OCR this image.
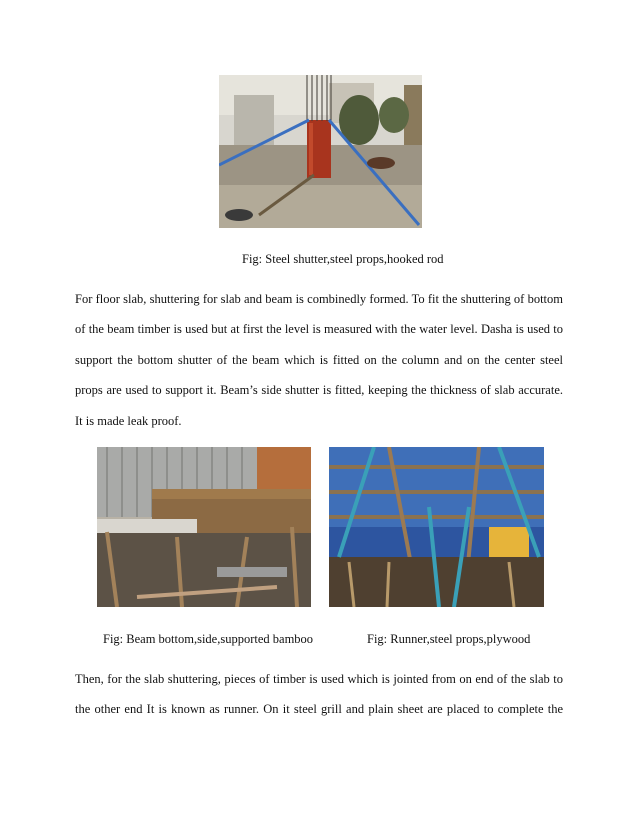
Fig: Steel shutter,steel props,hooked rod
For floor slab, shuttering for slab and beam is combinedly formed. To fit the shuttering of bottom
of the beam timber is used but at first the level is measured with the water level. Dasha is used to
support the bottom shutter of the beam which is fitted on the column and on the center steel
props are used to support it. Beam’s side shutter is fitted, keeping the thickness of slab accurate.
It is made leak proof.
Fig: Beam bottom,side,supported bamboo	Fig: Runner,steel props,plywood
Then, for the slab shuttering, pieces of timber is used which is jointed from on end of the slab to
the other end It is known as runner. On it steel grill and plain sheet are placed to complete the
